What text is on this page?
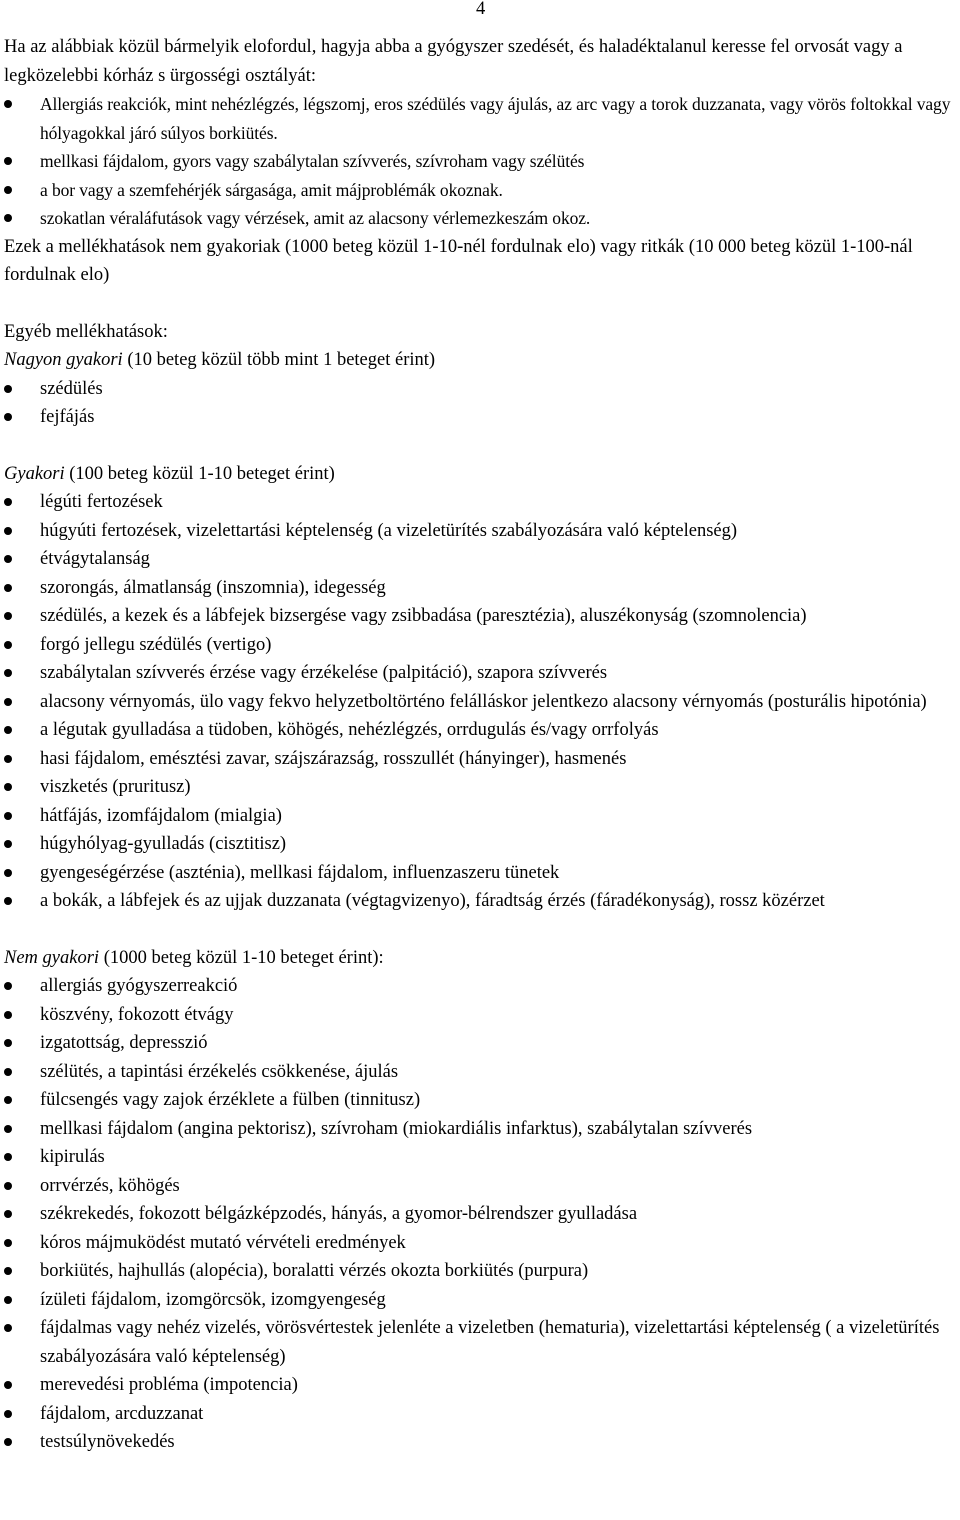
4

Ha az alábbiak közül bármelyik elofordul, hagyja abba a gyógyszer szedését, és haladéktalanul keresse fel orvosát vagy a legközelebbi kórház s ürgosségi osztályát:

Allergiás reakciók, mint nehézlégzés, légszomj, eros szédülés vagy ájulás, az arc vagy a torok duzzanata, vagy vörös foltokkal vagy hólyagokkal járó súlyos borkiütés.
mellkasi fájdalom, gyors vagy szabálytalan szívverés, szívroham vagy szélütés
a bor vagy a szemfehérjék sárgasága, amit májproblémák okoznak.
szokatlan véraláfutások vagy vérzések, amit az alacsony vérlemezkeszám okoz.

Ezek a mellékhatások nem gyakoriak (1000 beteg közül 1-10-nél fordulnak elo) vagy ritkák (10 000 beteg közül 1-100-nál fordulnak elo)

Egyéb mellékhatások:

Nagyon gyakori (10 beteg közül több mint 1 beteget érint)

szédülés
fejfájás

Gyakori (100 beteg közül 1-10 beteget érint)

légúti fertozések
húgyúti fertozések, vizelettartási képtelenség (a vizeletürítés szabályozására való képtelenség)
étvágytalanság
szorongás, álmatlanság (inszomnia), idegesség
szédülés, a kezek és a lábfejek bizsergése vagy zsibbadása (paresztézia), aluszékonyság (szomnolencia)
forgó jellegu szédülés (vertigo)
szabálytalan szívverés érzése vagy érzékelése (palpitáció), szapora szívverés
alacsony vérnyomás, ülo vagy fekvo helyzetboltörténo felálláskor jelentkezo alacsony vérnyomás (posturális hipotónia)
a légutak gyulladása a tüdoben, köhögés, nehézlégzés, orrdugulás és/vagy orrfolyás
hasi fájdalom, emésztési zavar, szájszárazság, rosszullét (hányinger), hasmenés
viszketés (pruritusz)
hátfájás, izomfájdalom (mialgia)
húgyhólyag-gyulladás (cisztitisz)
gyengeségérzése (aszténia), mellkasi fájdalom, influenzaszeru tünetek
a bokák, a lábfejek és az ujjak duzzanata (végtagvizenyo), fáradtság érzés (fáradékonyság), rossz közérzet

Nem gyakori (1000 beteg közül 1-10 beteget érint):

allergiás gyógyszerreakció
köszvény, fokozott étvágy
izgatottság, depresszió
szélütés, a tapintási érzékelés csökkenése, ájulás
fülcsengés vagy zajok érzéklete a fülben (tinnitusz)
mellkasi fájdalom (angina pektorisz), szívroham (miokardiális infarktus), szabálytalan szívverés
kipirulás
orrvérzés, köhögés
székrekedés, fokozott bélgázképzodés, hányás, a gyomor-bélrendszer gyulladása
kóros májmuködést mutató vérvételi eredmények
borkiütés, hajhullás (alopécia), boralatti vérzés okozta borkiütés (purpura)
ízületi fájdalom, izomgörcsök, izomgyengeség
fájdalmas vagy nehéz vizelés, vörösvértestek jelenléte a vizeletben (hematuria), vizelettartási képtelenség ( a vizeletürítés szabályozására való képtelenség)
merevedési probléma (impotencia)
fájdalom, arcduzzanat
testsúlynövekedés
